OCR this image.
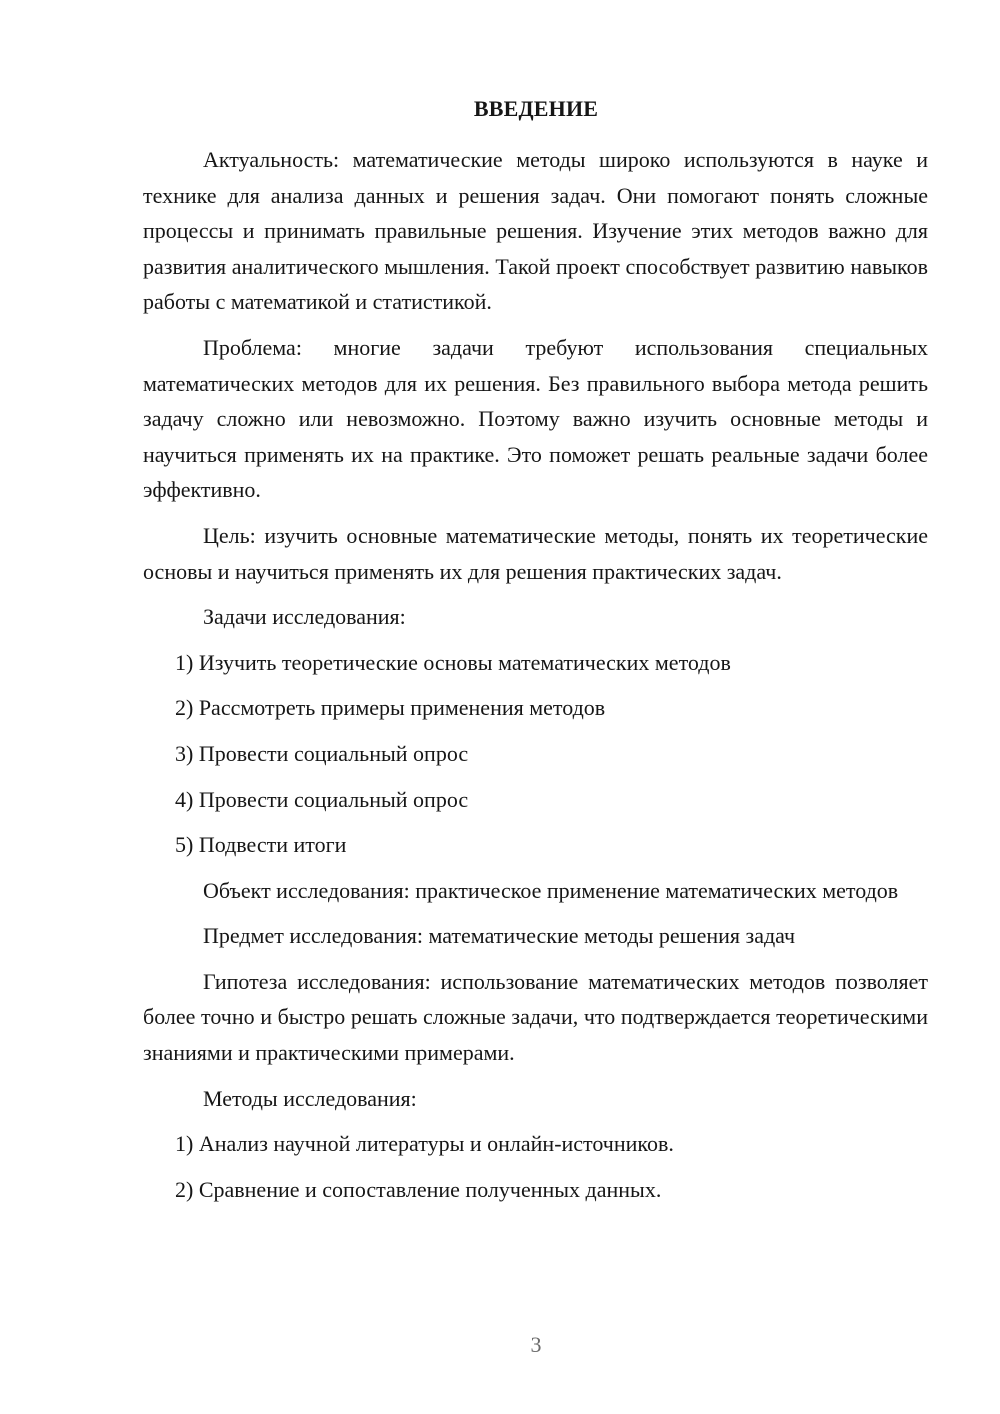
ВВЕДЕНИЕ

Актуальность: математические методы широко используются в науке и технике для анализа данных и решения задач. Они помогают понять сложные процессы и принимать правильные решения. Изучение этих методов важно для развития аналитического мышления. Такой проект способствует развитию навыков работы с математикой и статистикой.

Проблема: многие задачи требуют использования специальных математических методов для их решения. Без правильного выбора метода решить задачу сложно или невозможно. Поэтому важно изучить основные методы и научиться применять их на практике. Это поможет решать реальные задачи более эффективно.

Цель: изучить основные математические методы, понять их теоретические основы и научиться применять их для решения практических задач.

Задачи исследования:

1) Изучить теоретические основы математических методов

2) Рассмотреть примеры применения методов

3) Провести социальный опрос

4) Провести социальный опрос

5) Подвести итоги

Объект исследования: практическое применение математических методов

Предмет исследования: математические методы решения задач

Гипотеза исследования: использование математических методов позволяет более точно и быстро решать сложные задачи, что подтверждается теоретическими знаниями и практическими примерами.

Методы исследования:

1) Анализ научной литературы и онлайн-источников.

2) Сравнение и сопоставление полученных данных.

3
